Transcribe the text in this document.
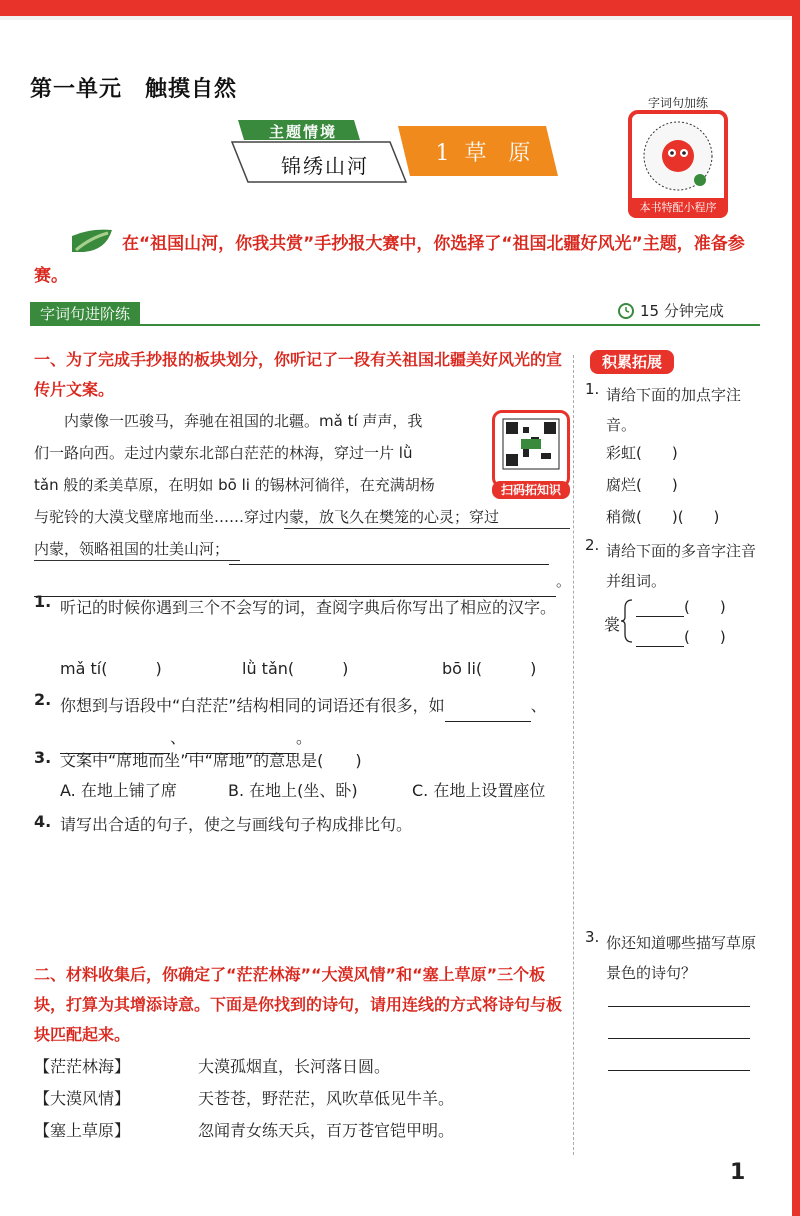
第一单元　触摸自然
主题情境
锦绣山河	1 草　原
字词句加练
本书特配小程序
在“祖国山河，你我共赏”手抄报大赛中，你选择了“祖国北疆好风光”主题，准备参赛。
字词句进阶练	15 分钟完成
一、为了完成手抄报的板块划分，你听记了一段有关祖国北疆美好风光的宣传片文案。
内蒙像一匹骏马，奔驰在祖国的北疆。mǎ tí 声声，我
们一路向西。走过内蒙东北部白茫茫的林海，穿过一片 lǜ
tǎn 般的柔美草原，在明如 bō li 的锡林河徜徉，在充满胡杨
与驼铃的大漠戈壁席地而坐……穿过内蒙，放飞久在樊笼的心灵；穿过
内蒙，领略祖国的壮美山河；
。
扫码拓知识
1. 听记的时候你遇到三个不会写的词，查阅字典后你写出了相应的汉字。
mǎ tí(　　　)	lǜ tǎn(　　　)	bō li(　　　)
2. 你想到与语段中“白茫茫”结构相同的词语还有很多，如	、
、	。
3. 文案中“席地而坐”中“席地”的意思是(　　)
A. 在地上铺了席	B. 在地上(坐、卧)	C. 在地上设置座位
4. 请写出合适的句子，使之与画线句子构成排比句。
二、材料收集后，你确定了“茫茫林海”“大漠风情”和“塞上草原”三个板块，打算为其增添诗意。下面是你找到的诗句，请用连线的方式将诗句与板块匹配起来。
【茫茫林海】	大漠孤烟直，长河落日圆。
【大漠风情】	天苍苍，野茫茫，风吹草低见牛羊。
【塞上草原】	忽闻青女练天兵，百万苍官铠甲明。
积累拓展
1. 请给下面的加点字注音。
彩虹(　　)
腐烂(　　)
稍微(　　)(　　)
2. 请给下面的多音字注音并组词。
裳
(　　)
(　　)
3. 你还知道哪些描写草原景色的诗句？
1
